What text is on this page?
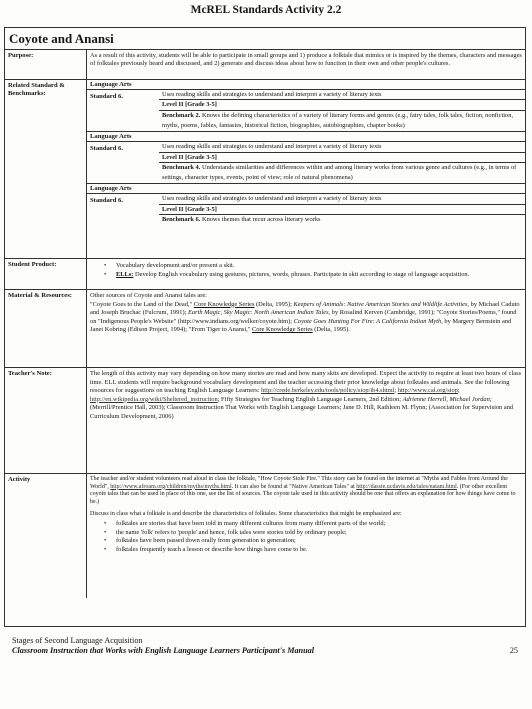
McREL Standards Activity 2.2
Coyote and Anansi
Purpose:	As a result of this activity, students will be able to participate in small groups and 1) produce a folktale that mimics or is inspired by the themes, characters and messages of folktales previously heard and discussed, and 2) generate and discuss ideas about how to function in their own and other people's cultures.
Related Standard & Benchmarks:
Language Arts
Standard 6.	Uses reading skills and strategies to understand and interpret a variety of literary texts
Level II [Grade 3-5]
Benchmark 2. Knows the defining characteristics of a variety of literary forms and genres (e.g., fairy tales, folk tales, fiction, nonfiction, myths, poems, fables, fantasies, historical fiction, biographies, autobiographies, chapter books)
Language Arts
Standard 6.	Uses reading skills and strategies to understand and interpret a variety of literary texts
Level II [Grade 3-5]
Benchmark 4. Understands similarities and differences within and among literary works from various genre and cultures (e.g., in terms of settings, character types, events, point of view; role of natural phenomena)
Language Arts
Standard 6.	Uses reading skills and strategies to understand and interpret a variety of literary texts
Level II [Grade 3-5]
Benchmark 6. Knows themes that recur across literary works
Student Product:
•	Vocabulary development and/or present a skit.
• ELLs: Develop English vocabulary using gestures, pictures, words, phrases. Participate in skit according to stage of language acquisition.
Material & Resources:	Other sources of Coyote and Anansi tales are:
"Coyote Goes to the Land of the Dead," Core Knowledge Series (Delta, 1995); Keepers of Animals: Native American Stories and Wildlife Activities, by Michael Caduto and Joseph Bruchac (Fulcrum, 1991); Earth Magic, Sky Magic: North American Indian Tales, by Rosalind Kerven (Cambridge, 1991); "Coyote Stories/Poems," found on "Indigenous People's Website" (http://www.indians.org/welker/coyote.htm); Coyote Goes Hunting For Fire: A California Indian Myth, by Margery Bernstein and Janet Kobring (Edison Project, 1994); "From Tiger to Anansi," Core Knowledge Series (Delta, 1995).
Teacher's Note:	The length of this activity may vary depending on how many stories are read and how many skits are developed. Expect the activity to require at least two hours of class time. ELL students will require background vocabulary development and the teacher accessing their prior knowledge about folktales and animals. See the following resources for suggestions on teaching English Language Learners: http://crede.berkeley.edu/tools/policy/siop/ib4.shtml; http://www.cal.org/siop; http://en.wikipedia.org/wiki/Sheltered_instruction; Fifty Strategies for Teaching English Language Learners, 2nd Edition; Adrienne Herrell, Michael Jordan; (Merrill/Prentice Hall, 2003); Classroom Instruction That Works with English Language Learners; Jane D. Hill, Kathleen M. Flynn; (Association for Supervision and Curriculum Development, 2006)
Activity	The teacher and/or student volunteers read aloud in class the folktale, "How Coyote Stole Fire." This story can be found on the internet at "Myths and Fables from Around the World", http://www.afroam.org/children/myths/myths.html. It can also be found at "Native American Tales" at http://dassie.ucdavis.edu/tales/natam.html. (For other excellent coyote tales that can be used in place of this one, see the list of sources. The coyote tale used in this activity should be one that offers an explanation for how things have come to be.)
Discuss in class what a folktale is and describe the characteristics of folktales. Some characteristics that might be emphasized are:
• folktales are stories that have been told in many different cultures from many different parts of the world;
• the name 'folk' refers to 'people' and hence, folk tales were stories told by ordinary people;
• folktales have been passed down orally from generation to generation;
• folktales frequently teach a lesson or describe how things have come to be.
Stages of Second Language Acquisition
Classroom Instruction that Works with English Language Learners Participant's Manual	25
